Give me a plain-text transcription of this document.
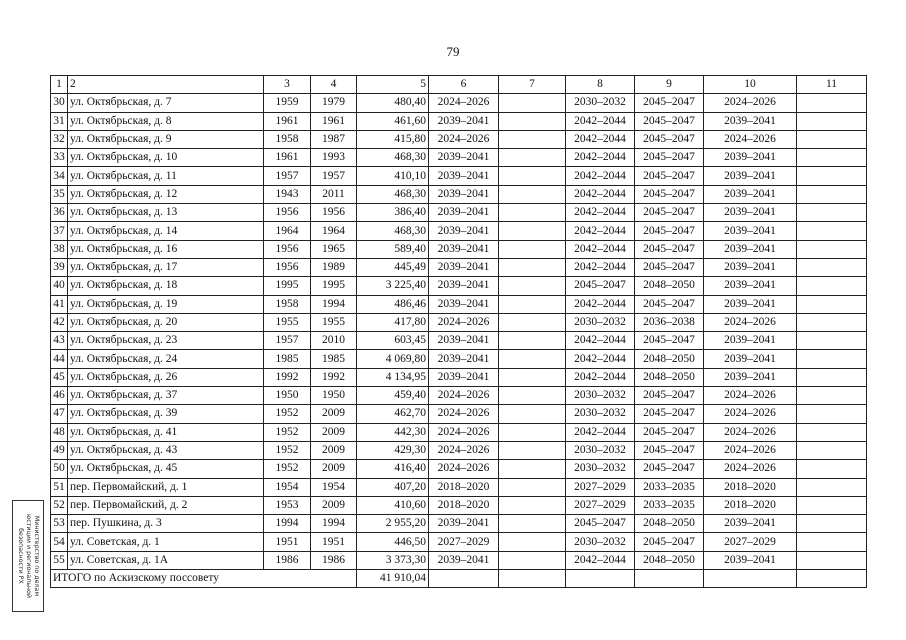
79
1	2	3	4	5	6	7	8	9	10	11
30	ул. Октябрьская, д. 7	1959	1979	480,40	2024–2026		2030–2032	2045–2047	2024–2026	
31	ул. Октябрьская, д. 8	1961	1961	461,60	2039–2041		2042–2044	2045–2047	2039–2041	
32	ул. Октябрьская, д. 9	1958	1987	415,80	2024–2026		2042–2044	2045–2047	2024–2026	
33	ул. Октябрьская, д. 10	1961	1993	468,30	2039–2041		2042–2044	2045–2047	2039–2041	
34	ул. Октябрьская, д. 11	1957	1957	410,10	2039–2041		2042–2044	2045–2047	2039–2041	
35	ул. Октябрьская, д. 12	1943	2011	468,30	2039–2041		2042–2044	2045–2047	2039–2041	
36	ул. Октябрьская, д. 13	1956	1956	386,40	2039–2041		2042–2044	2045–2047	2039–2041	
37	ул. Октябрьская, д. 14	1964	1964	468,30	2039–2041		2042–2044	2045–2047	2039–2041	
38	ул. Октябрьская, д. 16	1956	1965	589,40	2039–2041		2042–2044	2045–2047	2039–2041	
39	ул. Октябрьская, д. 17	1956	1989	445,49	2039–2041		2042–2044	2045–2047	2039–2041	
40	ул. Октябрьская, д. 18	1995	1995	3 225,40	2039–2041		2045–2047	2048–2050	2039–2041	
41	ул. Октябрьская, д. 19	1958	1994	486,46	2039–2041		2042–2044	2045–2047	2039–2041	
42	ул. Октябрьская, д. 20	1955	1955	417,80	2024–2026		2030–2032	2036–2038	2024–2026	
43	ул. Октябрьская, д. 23	1957	2010	603,45	2039–2041		2042–2044	2045–2047	2039–2041	
44	ул. Октябрьская, д. 24	1985	1985	4 069,80	2039–2041		2042–2044	2048–2050	2039–2041	
45	ул. Октябрьская, д. 26	1992	1992	4 134,95	2039–2041		2042–2044	2048–2050	2039–2041	
46	ул. Октябрьская, д. 37	1950	1950	459,40	2024–2026		2030–2032	2045–2047	2024–2026	
47	ул. Октябрьская, д. 39	1952	2009	462,70	2024–2026		2030–2032	2045–2047	2024–2026	
48	ул. Октябрьская, д. 41	1952	2009	442,30	2024–2026		2042–2044	2045–2047	2024–2026	
49	ул. Октябрьская, д. 43	1952	2009	429,30	2024–2026		2030–2032	2045–2047	2024–2026	
50	ул. Октябрьская, д. 45	1952	2009	416,40	2024–2026		2030–2032	2045–2047	2024–2026	
51	пер. Первомайский, д. 1	1954	1954	407,20	2018–2020		2027–2029	2033–2035	2018–2020	
52	пер. Первомайский, д. 2	1953	2009	410,60	2018–2020		2027–2029	2033–2035	2018–2020	
53	пер. Пушкина, д. 3	1994	1994	2 955,20	2039–2041		2045–2047	2048–2050	2039–2041	
54	ул. Советская, д. 1	1951	1951	446,50	2027–2029		2030–2032	2045–2047	2027–2029	
55	ул. Советская, д. 1А	1986	1986	3 373,30	2039–2041		2042–2044	2048–2050	2039–2041	
ИТОГО по Аскизскому поссовету				41 910,04						
Министерство по делам
юстиции и региональной
безопасности РХ
